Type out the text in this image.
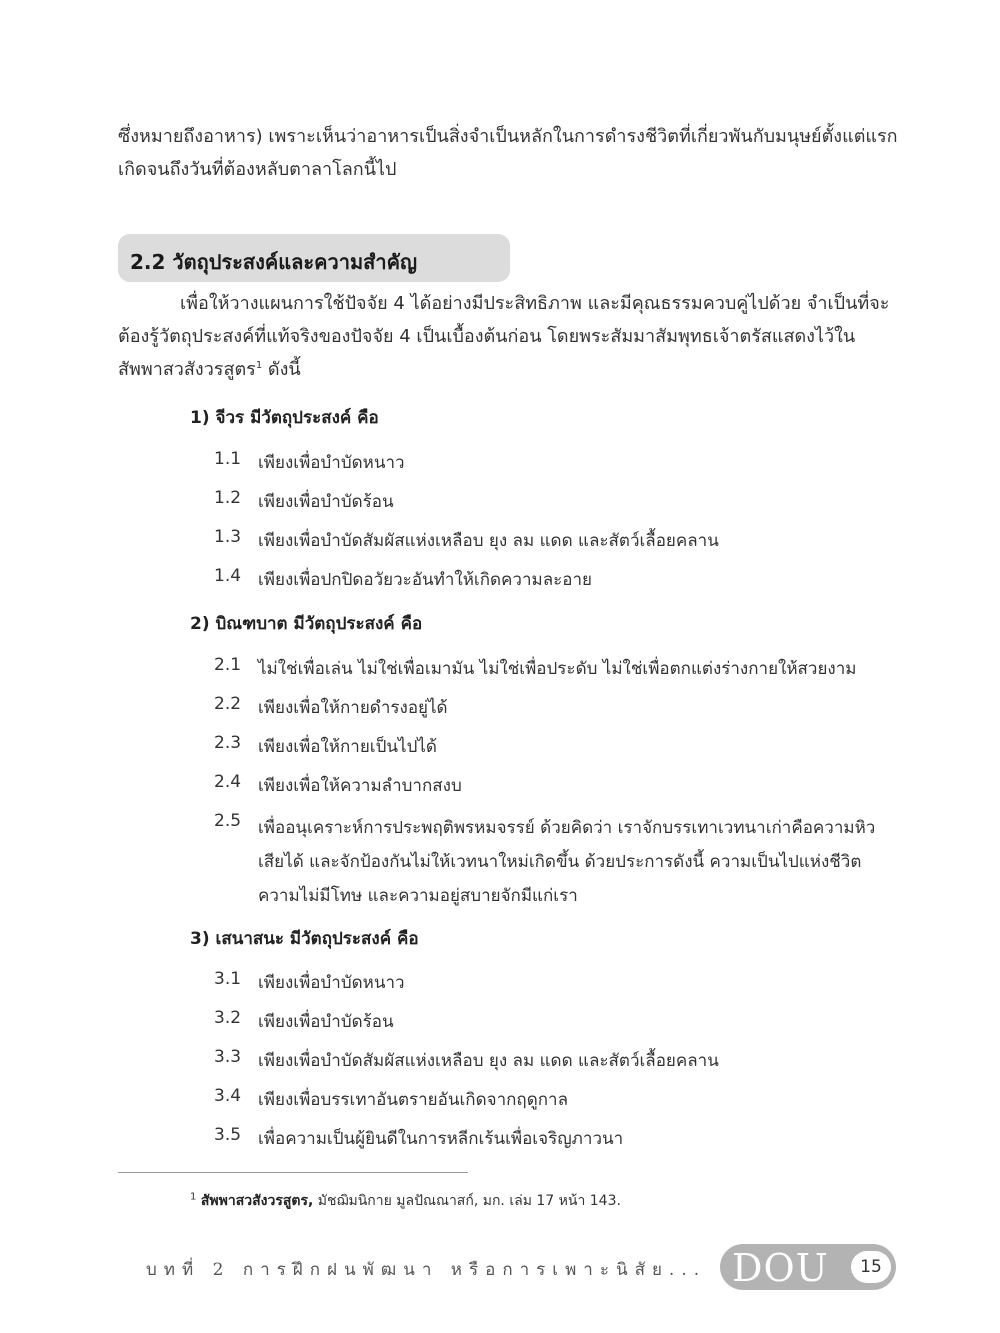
ซึ่งหมายถึงอาหาร) เพราะเห็นว่าอาหารเป็นสิ่งจำเป็นหลักในการดำรงชีวิตที่เกี่ยวพันกับมนุษย์ตั้งแต่แรก
เกิดจนถึงวันที่ต้องหลับตาลาโลกนี้ไป
2.2 วัตถุประสงค์และความสำคัญ
เพื่อให้วางแผนการใช้ปัจจัย 4 ได้อย่างมีประสิทธิภาพ และมีคุณธรรมควบคู่ไปด้วย จำเป็นที่จะ
ต้องรู้วัตถุประสงค์ที่แท้จริงของปัจจัย 4 เป็นเบื้องต้นก่อน โดยพระสัมมาสัมพุทธเจ้าตรัสแสดงไว้ใน
สัพพาสวสังวรสูตร$^1$ ดังนี้
1) จีวร มีวัตถุประสงค์ คือ
1.1 เพียงเพื่อบำบัดหนาว
1.2 เพียงเพื่อบำบัดร้อน
1.3 เพียงเพื่อบำบัดสัมผัสแห่งเหลือบ ยุง ลม แดด และสัตว์เลื้อยคลาน
1.4 เพียงเพื่อปกปิดอวัยวะอันทำให้เกิดความละอาย
2) บิณฑบาต มีวัตถุประสงค์ คือ
2.1 ไม่ใช่เพื่อเล่น ไม่ใช่เพื่อเมามัน ไม่ใช่เพื่อประดับ ไม่ใช่เพื่อตกแต่งร่างกายให้สวยงาม
2.2 เพียงเพื่อให้กายดำรงอยู่ได้
2.3 เพียงเพื่อให้กายเป็นไปได้
2.4 เพียงเพื่อให้ความลำบากสงบ
2.5 เพื่ออนุเคราะห์การประพฤติพรหมจรรย์ ด้วยคิดว่า เราจักบรรเทาเวทนาเก่าคือความหิว
เสียได้ และจักป้องกันไม่ให้เวทนาใหม่เกิดขึ้น ด้วยประการดังนี้ ความเป็นไปแห่งชีวิต
ความไม่มีโทษ และความอยู่สบายจักมีแก่เรา
3) เสนาสนะ มีวัตถุประสงค์ คือ
3.1 เพียงเพื่อบำบัดหนาว
3.2 เพียงเพื่อบำบัดร้อน
3.3 เพียงเพื่อบำบัดสัมผัสแห่งเหลือบ ยุง ลม แดด และสัตว์เลื้อยคลาน
3.4 เพียงเพื่อบรรเทาอันตรายอันเกิดจากฤดูกาล
3.5 เพื่อความเป็นผู้ยินดีในการหลีกเร้นเพื่อเจริญภาวนา
$^1$ สัพพาสวสังวรสูตร, มัชฌิมนิกาย มูลปัณณาสก์, มก. เล่ม 17 หน้า 143.
บทที่ 2 การฝึกฝนพัฒนา หรือการเพาะนิสัย... DOU	15
